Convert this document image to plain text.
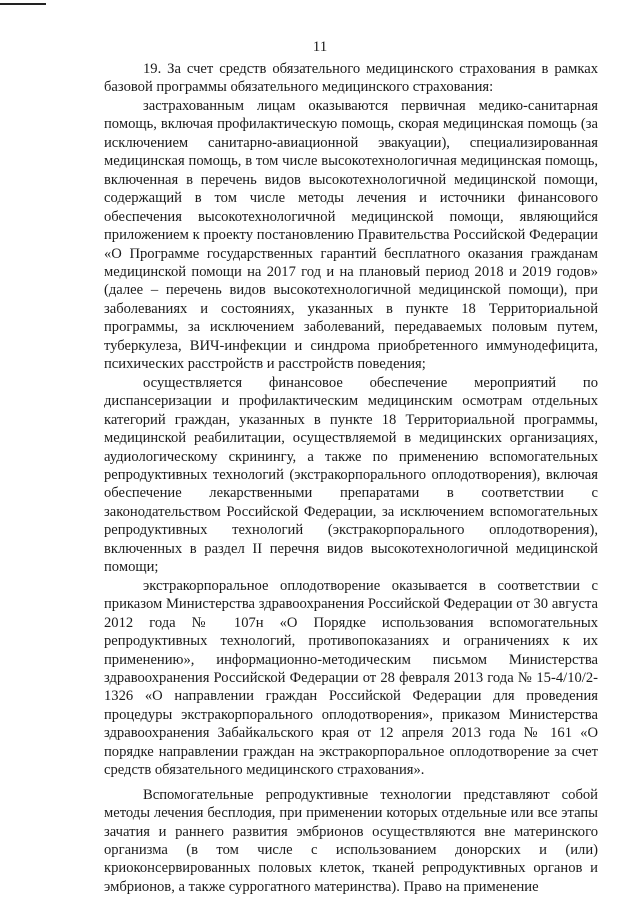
11

19. За счет средств обязательного медицинского страхования в рамках базовой программы обязательного медицинского страхования:

застрахованным лицам оказываются первичная медико-санитарная помощь, включая профилактическую помощь, скорая медицинская помощь (за исключением санитарно-авиационной эвакуации), специализированная медицинская помощь, в том числе высокотехнологичная медицинская помощь, включенная в перечень видов высокотехнологичной медицинской помощи, содержащий в том числе методы лечения и источники финансового обеспечения высокотехнологичной медицинской помощи, являющийся приложением к проекту постановлению Правительства Российской Федерации «О Программе государственных гарантий бесплатного оказания гражданам медицинской помощи на 2017 год и на плановый период 2018 и 2019 годов» (далее – перечень видов высокотехнологичной медицинской помощи), при заболеваниях и состояниях, указанных в пункте 18 Территориальной программы, за исключением заболеваний, передаваемых половым путем, туберкулеза, ВИЧ-инфекции и синдрома приобретенного иммунодефицита, психических расстройств и расстройств поведения;

осуществляется финансовое обеспечение мероприятий по диспансеризации и профилактическим медицинским осмотрам отдельных категорий граждан, указанных в пункте 18 Территориальной программы, медицинской реабилитации, осуществляемой в медицинских организациях, аудиологическому скринингу, а также по применению вспомогательных репродуктивных технологий (экстракорпорального оплодотворения), включая обеспечение лекарственными препаратами в соответствии с законодательством Российской Федерации, за исключением вспомогательных репродуктивных технологий (экстракорпорального оплодотворения), включенных в раздел II перечня видов высокотехнологичной медицинской помощи;

экстракорпоральное оплодотворение оказывается в соответствии с приказом Министерства здравоохранения Российской Федерации от 30 августа 2012 года № 107н «О Порядке использования вспомогательных репродуктивных технологий, противопоказаниях и ограничениях к их применению», информационно-методическим письмом Министерства здравоохранения Российской Федерации от 28 февраля 2013 года № 15-4/10/2-1326 «О направлении граждан Российской Федерации для проведения процедуры экстракорпорального оплодотворения», приказом Министерства здравоохранения Забайкальского края от 12 апреля 2013 года № 161 «О порядке направлении граждан на экстракорпоральное оплодотворение за счет средств обязательного медицинского страхования».

Вспомогательные репродуктивные технологии представляют собой методы лечения бесплодия, при применении которых отдельные или все этапы зачатия и раннего развития эмбрионов осуществляются вне материнского организма (в том числе с использованием донорских и (или) криоконсервированных половых клеток, тканей репродуктивных органов и эмбрионов, а также суррогатного материнства). Право на применение
